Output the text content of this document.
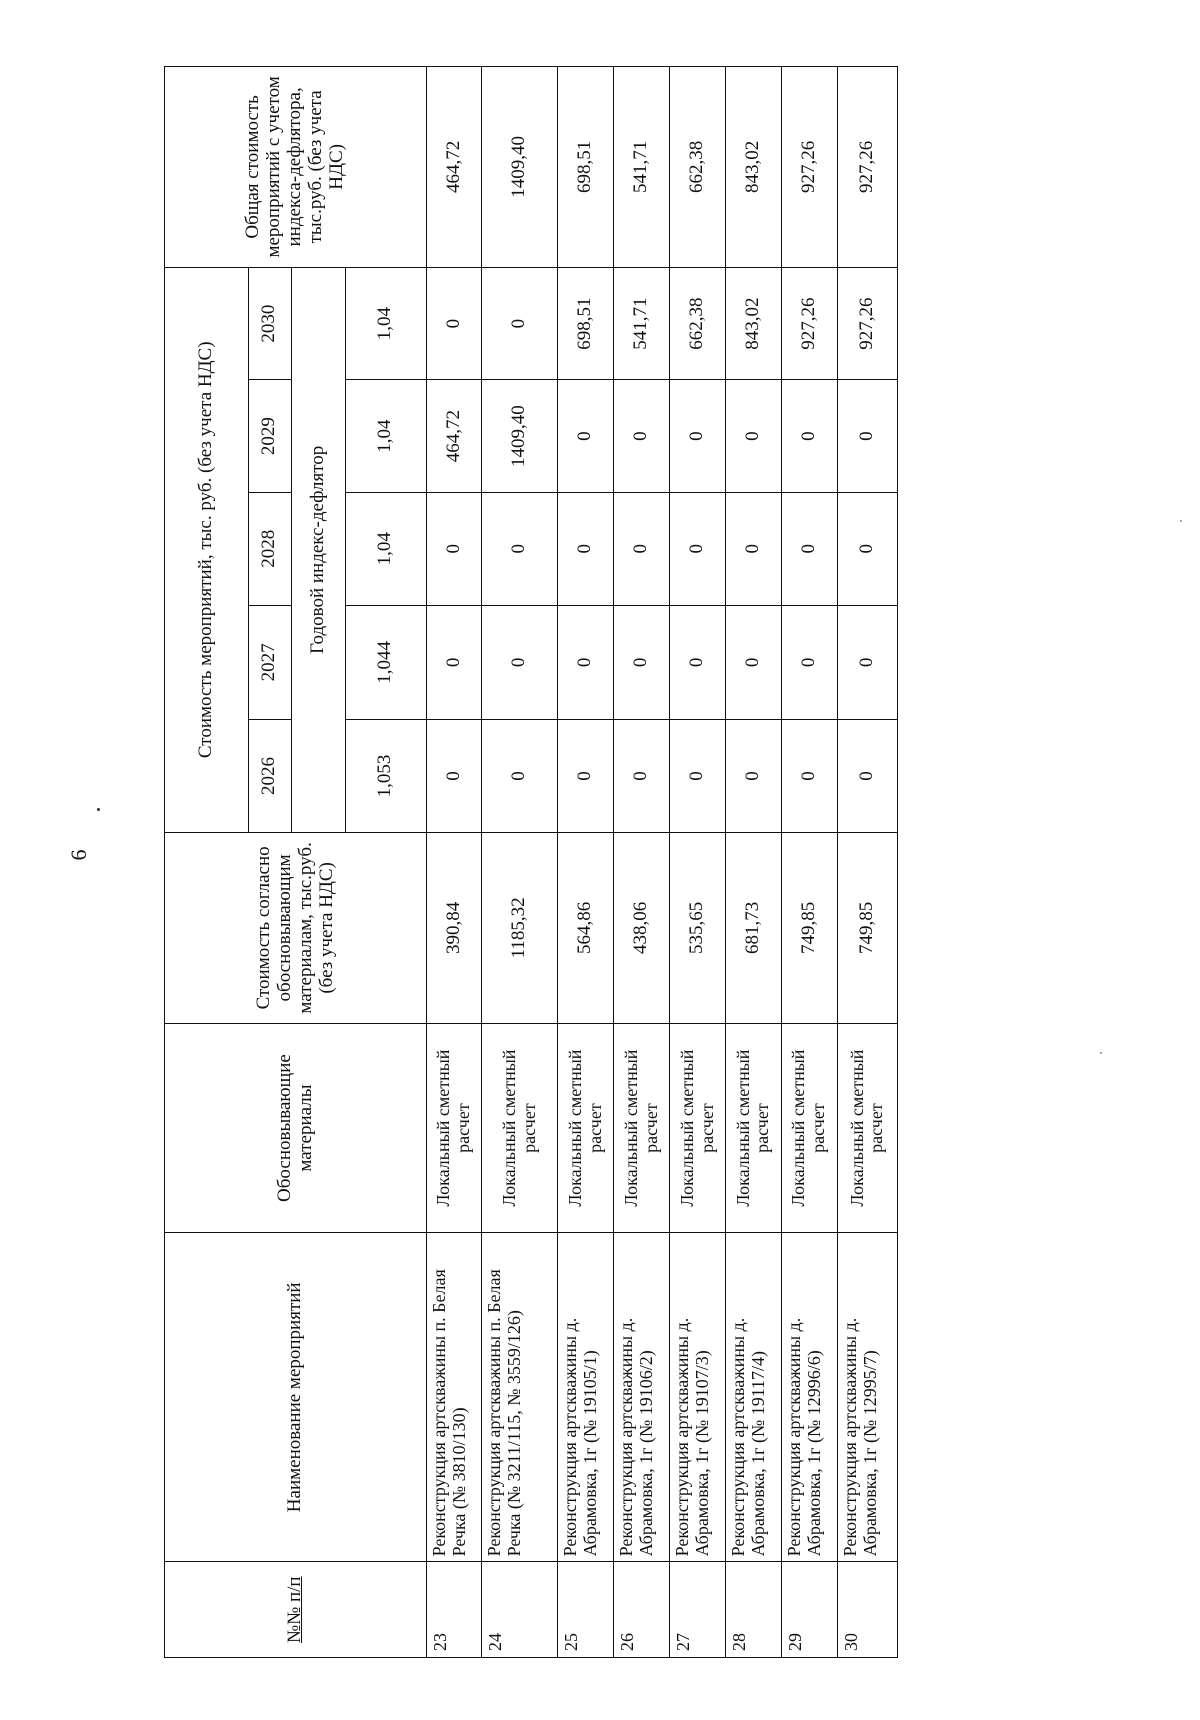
6
№№ п/п	Наименование мероприятий	Обосновывающие материалы	Стоимость согласно обосновывающим материалам, тыс.руб. (без учета НДС)	Стоимость мероприятий, тыс. руб. (без учета НДС)					Общая стоимость мероприятий с учетом индекса-дефлятора, тыс.руб. (без учета НДС)
				2026	2027	2028	2029	2030	
				Годовой индекс-дефлятор					
				1,053	1,044	1,04	1,04	1,04	
23	Реконструкция артскважины п. Белая Речка (№ 3810/130)	Локальный сметный расчет	390,84	0	0	0	464,72	0	464,72
24	Реконструкция артскважины п. Белая Речка (№ 3211/115, № 3559/126)	Локальный сметный расчет	1185,32	0	0	0	1409,40	0	1409,40
25	Реконструкция артскважины д. Абрамовка, 1г (№ 19105/1)	Локальный сметный расчет	564,86	0	0	0	0	698,51	698,51
26	Реконструкция артскважины д. Абрамовка, 1г (№ 19106/2)	Локальный сметный расчет	438,06	0	0	0	0	541,71	541,71
27	Реконструкция артскважины д. Абрамовка, 1г (№ 19107/3)	Локальный сметный расчет	535,65	0	0	0	0	662,38	662,38
28	Реконструкция артскважины д. Абрамовка, 1г (№ 19117/4)	Локальный сметный расчет	681,73	0	0	0	0	843,02	843,02
29	Реконструкция артскважины д. Абрамовка, 1г (№ 12996/6)	Локальный сметный расчет	749,85	0	0	0	0	927,26	927,26
30	Реконструкция артскважины д. Абрамовка, 1г (№ 12995/7)	Локальный сметный расчет	749,85	0	0	0	0	927,26	927,26
